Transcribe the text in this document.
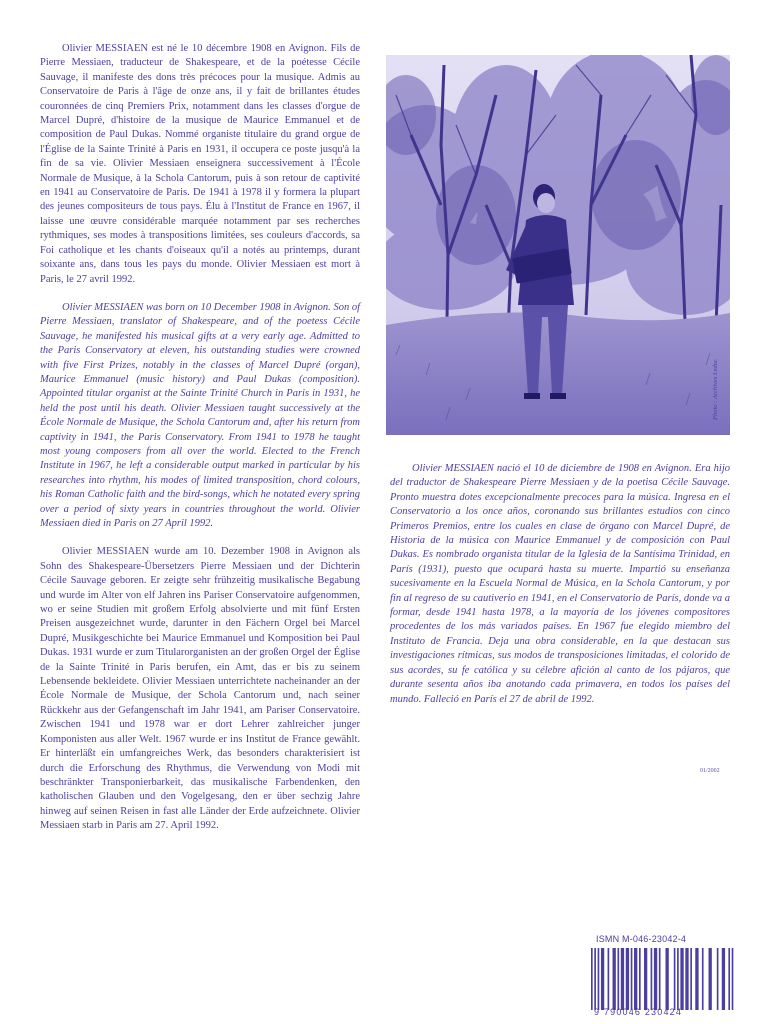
Olivier MESSIAEN est né le 10 décembre 1908 en Avignon. Fils de Pierre Messiaen, traducteur de Shakespeare, et de la poétesse Cécile Sauvage, il manifeste des dons très précoces pour la musique. Admis au Conservatoire de Paris à l'âge de onze ans, il y fait de brillantes études couronnées de cinq Premiers Prix, notamment dans les classes d'orgue de Marcel Dupré, d'histoire de la musique de Maurice Emmanuel et de composition de Paul Dukas. Nommé organiste titulaire du grand orgue de l'Église de la Sainte Trinité à Paris en 1931, il occupera ce poste jusqu'à la fin de sa vie. Olivier Messiaen enseignera successivement à l'École Normale de Musique, à la Schola Cantorum, puis à son retour de captivité en 1941 au Conservatoire de Paris. De 1941 à 1978 il y formera la plupart des jeunes compositeurs de tous pays. Élu à l'Institut de France en 1967, il laisse une œuvre considérable marquée notamment par ses recherches rythmiques, ses modes à transpositions limitées, ses couleurs d'accords, sa Foi catholique et les chants d'oiseaux qu'il a notés au printemps, durant soixante ans, dans tous les pays du monde. Olivier Messiaen est mort à Paris, le 27 avril 1992.

Olivier MESSIAEN was born on 10 December 1908 in Avignon. Son of Pierre Messiaen, translator of Shakespeare, and of the poetess Cécile Sauvage, he manifested his musical gifts at a very early age. Admitted to the Paris Conservatory at eleven, his outstanding studies were crowned with five First Prizes, notably in the classes of Marcel Dupré (organ), Maurice Emmanuel (music history) and Paul Dukas (composition). Appointed titular organist at the Sainte Trinité Church in Paris in 1931, he held the post until his death. Olivier Messiaen taught successively at the École Normale de Musique, the Schola Cantorum and, after his return from captivity in 1941, the Paris Conservatory. From 1941 to 1978 he taught most young composers from all over the world. Elected to the French Institute in 1967, he left a considerable output marked in particular by his researches into rhythm, his modes of limited transposition, chord colours, his Roman Catholic faith and the bird-songs, which he notated every spring over a period of sixty years in countries throughout the world. Olivier Messiaen died in Paris on 27 April 1992.

Olivier MESSIAEN wurde am 10. Dezember 1908 in Avignon als Sohn des Shakespeare-Übersetzers Pierre Messiaen und der Dichterin Cécile Sauvage geboren. Er zeigte sehr frühzeitig musikalische Begabung und wurde im Alter von elf Jahren ins Pariser Conservatoire aufgenommen, wo er seine Studien mit großem Erfolg absolvierte und mit fünf Ersten Preisen ausgezeichnet wurde, darunter in den Fächern Orgel bei Marcel Dupré, Musikgeschichte bei Maurice Emmanuel und Komposition bei Paul Dukas. 1931 wurde er zum Titularorganisten an der großen Orgel der Église de la Sainte Trinité in Paris berufen, ein Amt, das er bis zu seinem Lebensende bekleidete. Olivier Messiaen unterrichtete nacheinander an der École Normale de Musique, der Schola Cantorum und, nach seiner Rückkehr aus der Gefangenschaft im Jahr 1941, am Pariser Conservatoire. Zwischen 1941 und 1978 war er dort Lehrer zahlreicher junger Komponisten aus aller Welt. 1967 wurde er ins Institut de France gewählt. Er hinterläßt ein umfangreiches Werk, das besonders charakterisiert ist durch die Erforschung des Rhythmus, die Verwendung von Modi mit beschränkter Transponierbarkeit, das musikalische Farbendenken, den katholischen Glauben und den Vogelgesang, den er über sechzig Jahre hinweg auf seinen Reisen in fast alle Länder der Erde aufzeichnete. Olivier Messiaen starb in Paris am 27. April 1992.

Photo : Archives Leduc

Olivier MESSIAEN nació el 10 de diciembre de 1908 en Avignon. Era hijo del traductor de Shakespeare Pierre Messiaen y de la poetisa Cécile Sauvage. Pronto muestra dotes excepcionalmente precoces para la música. Ingresa en el Conservatorio a los once años, coronando sus brillantes estudios con cinco Primeros Premios, entre los cuales en clase de órgano con Marcel Dupré, de Historia de la música con Maurice Emmanuel y de composición con Paul Dukas. Es nombrado organista titular de la Iglesia de la Santísima Trinidad, en París (1931), puesto que ocupará hasta su muerte. Impartió su enseñanza sucesivamente en la Escuela Normal de Música, en la Schola Cantorum, y por fin al regreso de su cautiverio en 1941, en el Conservatorio de París, donde va a formar, desde 1941 hasta 1978, a la mayoría de los jóvenes compositores procedentes de los más variados países. En 1967 fue elegido miembro del Instituto de Francia. Deja una obra considerable, en la que destacan sus investigaciones rítmicas, sus modos de transposiciones limitadas, el colorido de sus acordes, su fe católica y su célebre afición al canto de los pájaros, que durante sesenta años iba anotando cada primavera, en todos los países del mundo. Falleció en París el 27 de abril de 1992.

01/2002
ISMN M-046-23042-4
9 790046 230424
